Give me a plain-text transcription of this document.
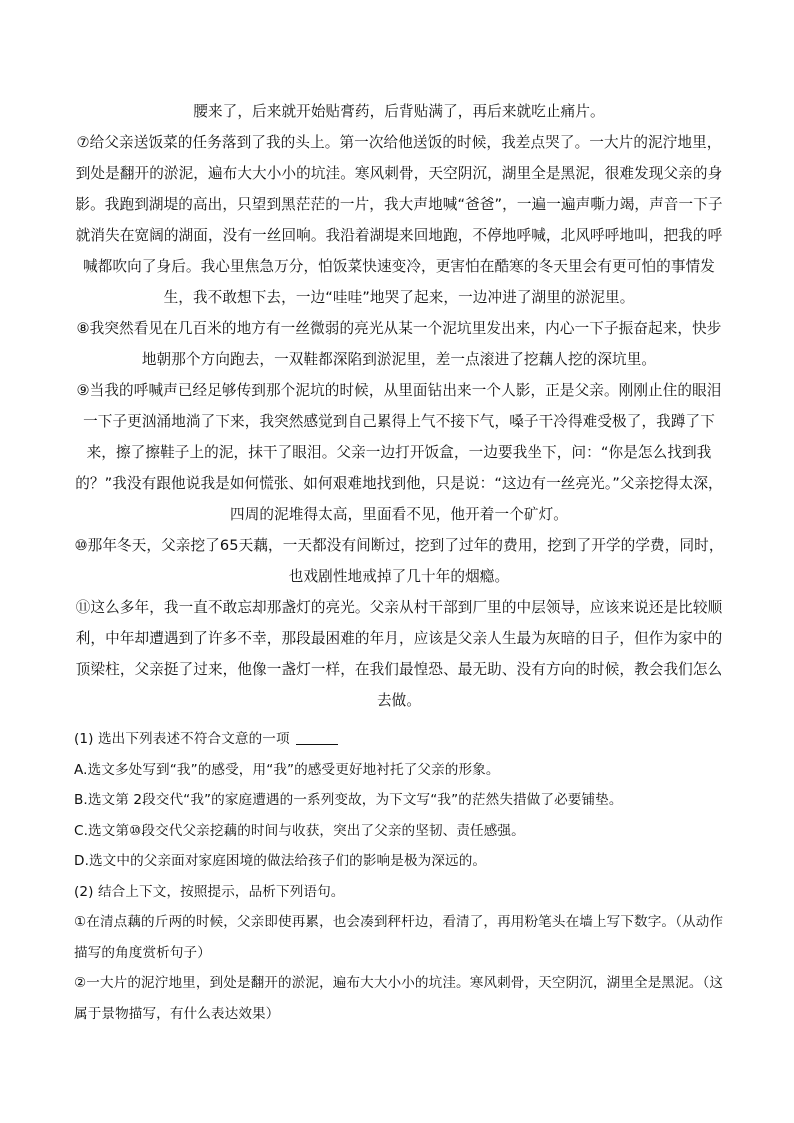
腰来了，后来就开始贴膏药，后背贴满了，再后来就吃止痛片。

⑦给父亲送饭菜的任务落到了我的头上。第一次给他送饭的时候，我差点哭了。一大片的泥泞地里，到处是翻开的淤泥，遍布大大小小的坑洼。寒风刺骨，天空阴沉，湖里全是黑泥，很难发现父亲的身影。我跑到湖堤的高出，只望到黑茫茫的一片，我大声地喊“爸爸”，一遍一遍声嘶力竭，声音一下子就消失在宽阔的湖面，没有一丝回响。我沿着湖堤来回地跑，不停地呼喊，北风呼呼地叫，把我的呼喊都吹向了身后。我心里焦急万分，怕饭菜快速变冷，更害怕在酷寒的冬天里会有更可怕的事情发生，我不敢想下去，一边“哇哇”地哭了起来，一边冲进了湖里的淤泥里。

⑧我突然看见在几百米的地方有一丝微弱的亮光从某一个泥坑里发出来，内心一下子振奋起来，快步地朝那个方向跑去，一双鞋都深陷到淤泥里，差一点滚进了挖藕人挖的深坑里。

⑨当我的呼喊声已经足够传到那个泥坑的时候，从里面钻出来一个人影，正是父亲。刚刚止住的眼泪一下子更汹涌地淌了下来，我突然感觉到自己累得上气不接下气，嗓子干冷得难受极了，我蹲了下来，擦了擦鞋子上的泥，抹干了眼泪。父亲一边打开饭盒，一边要我坐下，问：“你是怎么找到我的？”我没有跟他说我是如何慌张、如何艰难地找到他，只是说：“这边有一丝亮光。”父亲挖得太深，四周的泥堆得太高，里面看不见，他开着一个矿灯。

⑩那年冬天，父亲挖了65天藕，一天都没有间断过，挖到了过年的费用，挖到了开学的学费，同时，也戏剧性地戒掉了几十年的烟瘾。

⑪这么多年，我一直不敢忘却那盏灯的亮光。父亲从村干部到厂里的中层领导，应该来说还是比较顺利，中年却遭遇到了许多不幸，那段最困难的年月，应该是父亲人生最为灰暗的日子，但作为家中的顶梁柱，父亲挺了过来，他像一盏灯一样，在我们最惶恐、最无助、没有方向的时候，教会我们怎么去做。

(1) 选出下列表述不符合文意的一项

A.选文多处写到“我”的感受，用“我”的感受更好地衬托了父亲的形象。

B.选文第 2段交代“我”的家庭遭遇的一系列变故，为下文写“我”的茫然失措做了必要铺垫。

C.选文第⑩段交代父亲挖藕的时间与收获，突出了父亲的坚韧、责任感强。

D.选文中的父亲面对家庭困境的做法给孩子们的影响是极为深远的。

(2) 结合上下文，按照提示，品析下列语句。

①在清点藕的斤两的时候，父亲即使再累，也会凑到秤杆边，看清了，再用粉笔头在墙上写下数字。（从动作描写的角度赏析句子）

②一大片的泥泞地里，到处是翻开的淤泥，遍布大大小小的坑洼。寒风刺骨，天空阴沉，湖里全是黑泥。（这属于景物描写，有什么表达效果）
